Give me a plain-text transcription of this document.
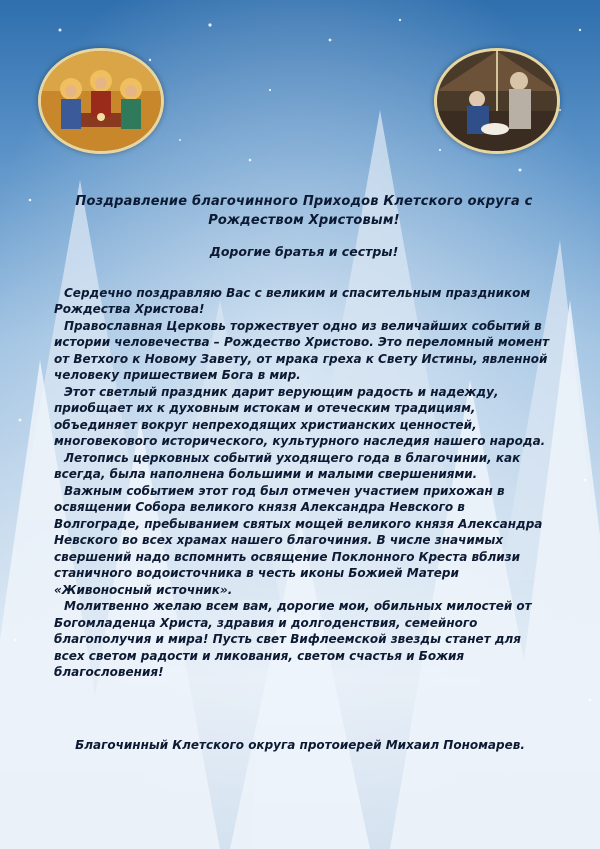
Поздравление благочинного Приходов Клетского округа с
Рождеством Христовым!

Дорогие братья и сестры!

Сердечно поздравляю Вас с великим и спасительным праздником Рождества Христова!

Православная Церковь торжествует одно из величайших событий в истории человечества – Рождество Христово. Это переломный момент от Ветхого к Новому Завету, от мрака греха к Свету Истины, явленной человеку пришествием Бога в мир.

Этот светлый праздник дарит верующим радость и надежду, приобщает их к духовным истокам и отеческим традициям, объединяет вокруг непреходящих христианских ценностей, многовекового исторического, культурного наследия нашего народа.

Летопись церковных событий уходящего года в благочинии, как всегда, была наполнена большими и малыми свершениями.

Важным событием этот год был отмечен участием прихожан в освящении Собора великого князя Александра Невского в Волгограде, пребыванием святых мощей великого князя Александра Невского во всех храмах нашего благочиния. В числе значимых свершений надо вспомнить освящение Поклонного Креста вблизи станичного водоисточника в честь иконы Божией Матери «Живоносный источник».

Молитвенно желаю всем вам, дорогие мои, обильных милостей от Богомладенца Христа, здравия и долгоденствия, семейного благополучия и мира! Пусть свет Вифлеемской звезды станет для всех светом радости и ликования, светом счастья и Божия благословения!

Благочинный Клетского округа протоиерей Михаил Пономарев.
